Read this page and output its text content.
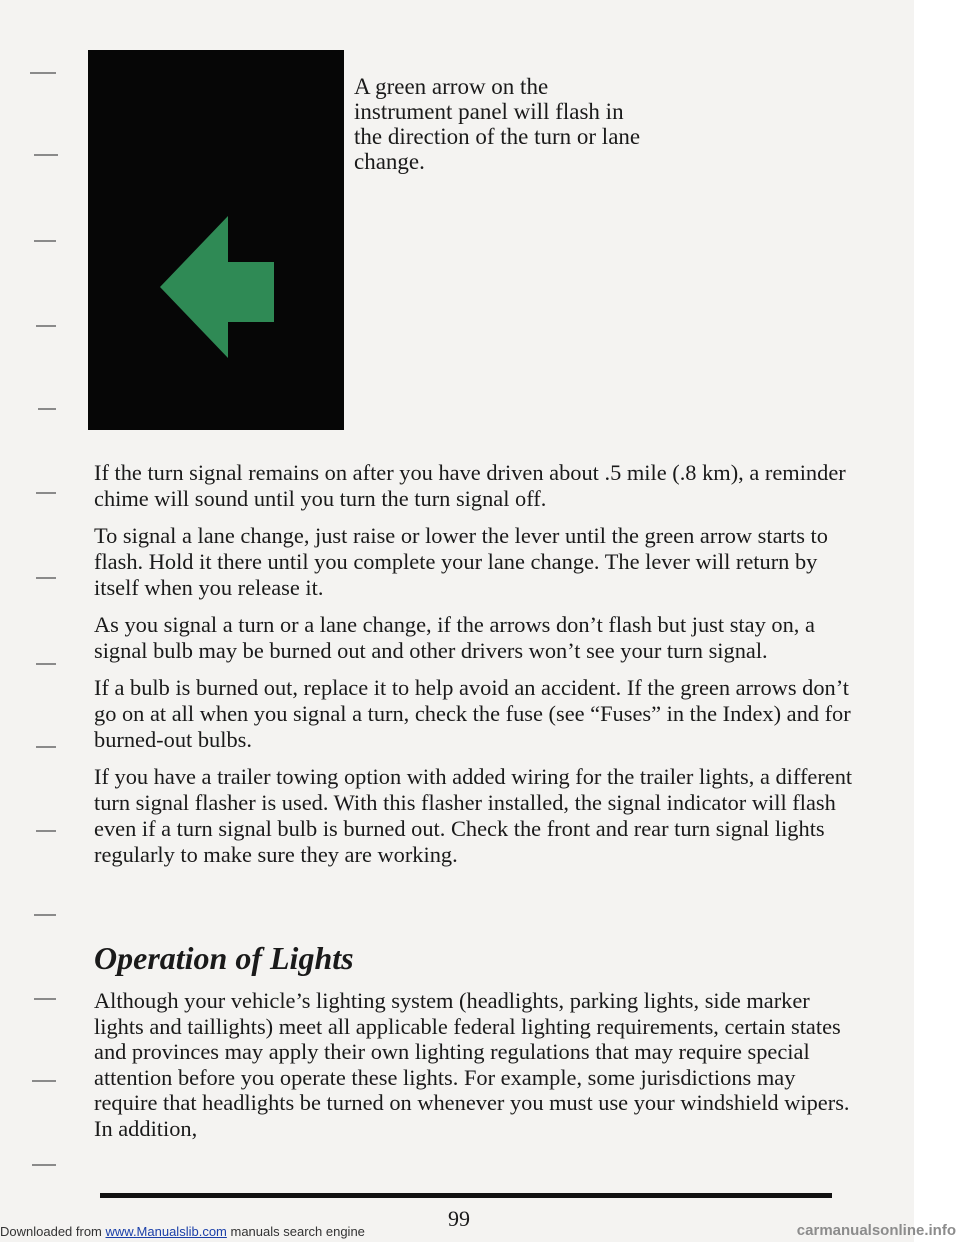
A green arrow on the instrument panel will flash in the direction of the turn or lane change.

If the turn signal remains on after you have driven about .5 mile (.8 km), a reminder chime will sound until you turn the turn signal off.

To signal a lane change, just raise or lower the lever until the green arrow starts to flash. Hold it there until you complete your lane change. The lever will return by itself when you release it.

As you signal a turn or a lane change, if the arrows don’t flash but just stay on, a signal bulb may be burned out and other drivers won’t see your turn signal.

If a bulb is burned out, replace it to help avoid an accident. If the green arrows don’t go on at all when you signal a turn, check the fuse (see “Fuses” in the Index) and for burned-out bulbs.

If you have a trailer towing option with added wiring for the trailer lights, a different turn signal flasher is used. With this flasher installed, the signal indicator will flash even if a turn signal bulb is burned out. Check the front and rear turn signal lights regularly to make sure they are working.

Operation of Lights

Although your vehicle’s lighting system (headlights, parking lights, side marker lights and taillights) meet all applicable federal lighting requirements, certain states and provinces may apply their own lighting regulations that may require special attention before you operate these lights. For example, some jurisdictions may require that headlights be turned on whenever you must use your windshield wipers. In addition,

99
Downloaded from www.Manualslib.com manuals search engine	carmanualsonline.info
